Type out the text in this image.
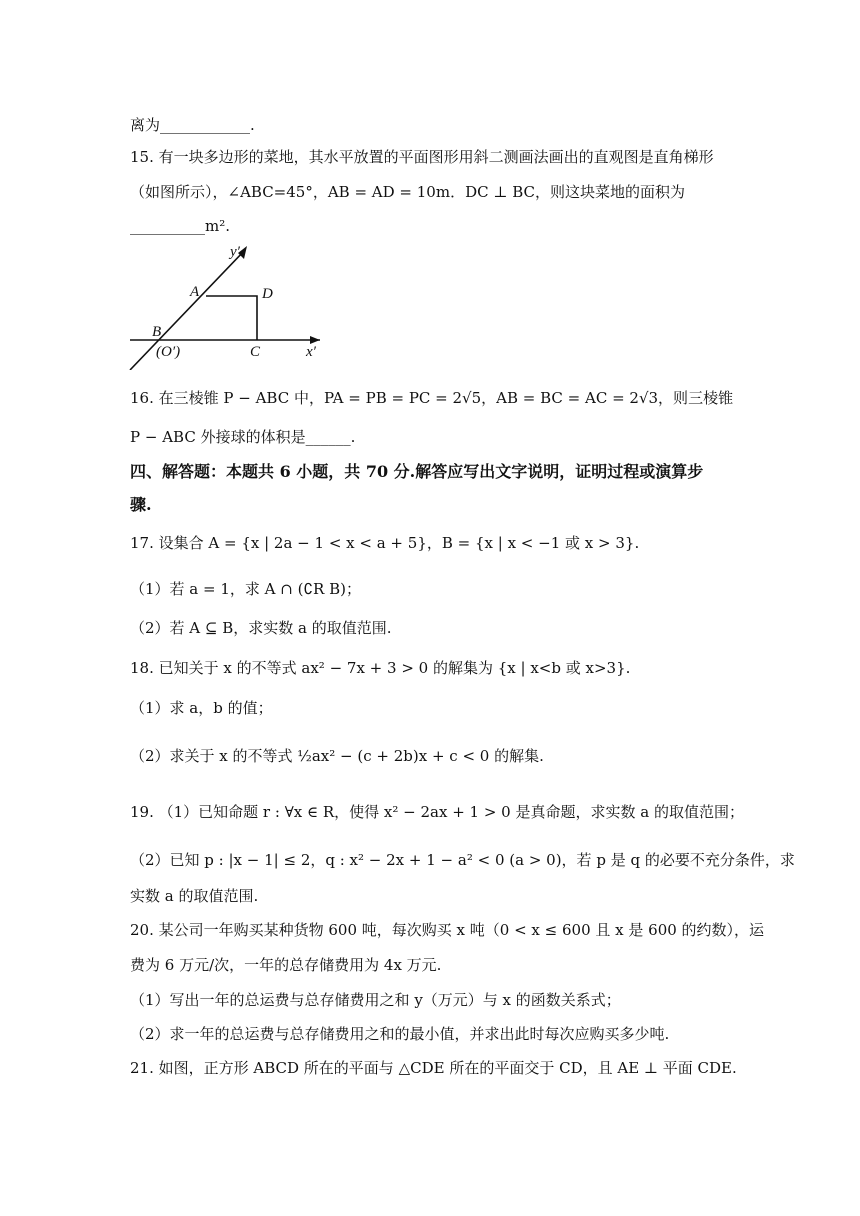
离为____________.
15. 有一块多边形的菜地，其水平放置的平面图形用斜二测画法画出的直观图是直角梯形
（如图所示），∠ABC=45°，AB = AD = 10m．DC ⊥ BC，则这块菜地的面积为
__________m².
y′
A	D
B
(O′)	C	x′
16. 在三棱锥 P − ABC 中，PA = PB = PC = 2√5，AB = BC = AC = 2√3，则三棱锥
P − ABC 外接球的体积是______.
四、解答题：本题共 6 小题，共 70 分.解答应写出文字说明，证明过程或演算步
骤.
17. 设集合 A = {x | 2a − 1 < x < a + 5}，B = {x | x < −1 或 x > 3}.
（1）若 a = 1，求 A ∩ (∁R B)；
（2）若 A ⊆ B，求实数 a 的取值范围.
18. 已知关于 x 的不等式 ax² − 7x + 3 > 0 的解集为 {x | x<b 或 x>3}.
（1）求 a，b 的值；
（2）求关于 x 的不等式 ½ax² − (c + 2b)x + c < 0 的解集.
19. （1）已知命题 r : ∀x ∈ R，使得 x² − 2ax + 1 > 0 是真命题，求实数 a 的取值范围；
（2）已知 p : |x − 1| ≤ 2，q : x² − 2x + 1 − a² < 0 (a > 0)，若 p 是 q 的必要不充分条件，求
实数 a 的取值范围.
20. 某公司一年购买某种货物 600 吨，每次购买 x 吨（0 < x ≤ 600 且 x 是 600 的约数），运
费为 6 万元/次，一年的总存储费用为 4x 万元.
（1）写出一年的总运费与总存储费用之和 y（万元）与 x 的函数关系式；
（2）求一年的总运费与总存储费用之和的最小值，并求出此时每次应购买多少吨.
21. 如图，正方形 ABCD 所在的平面与 △CDE 所在的平面交于 CD，且 AE ⊥ 平面 CDE.
